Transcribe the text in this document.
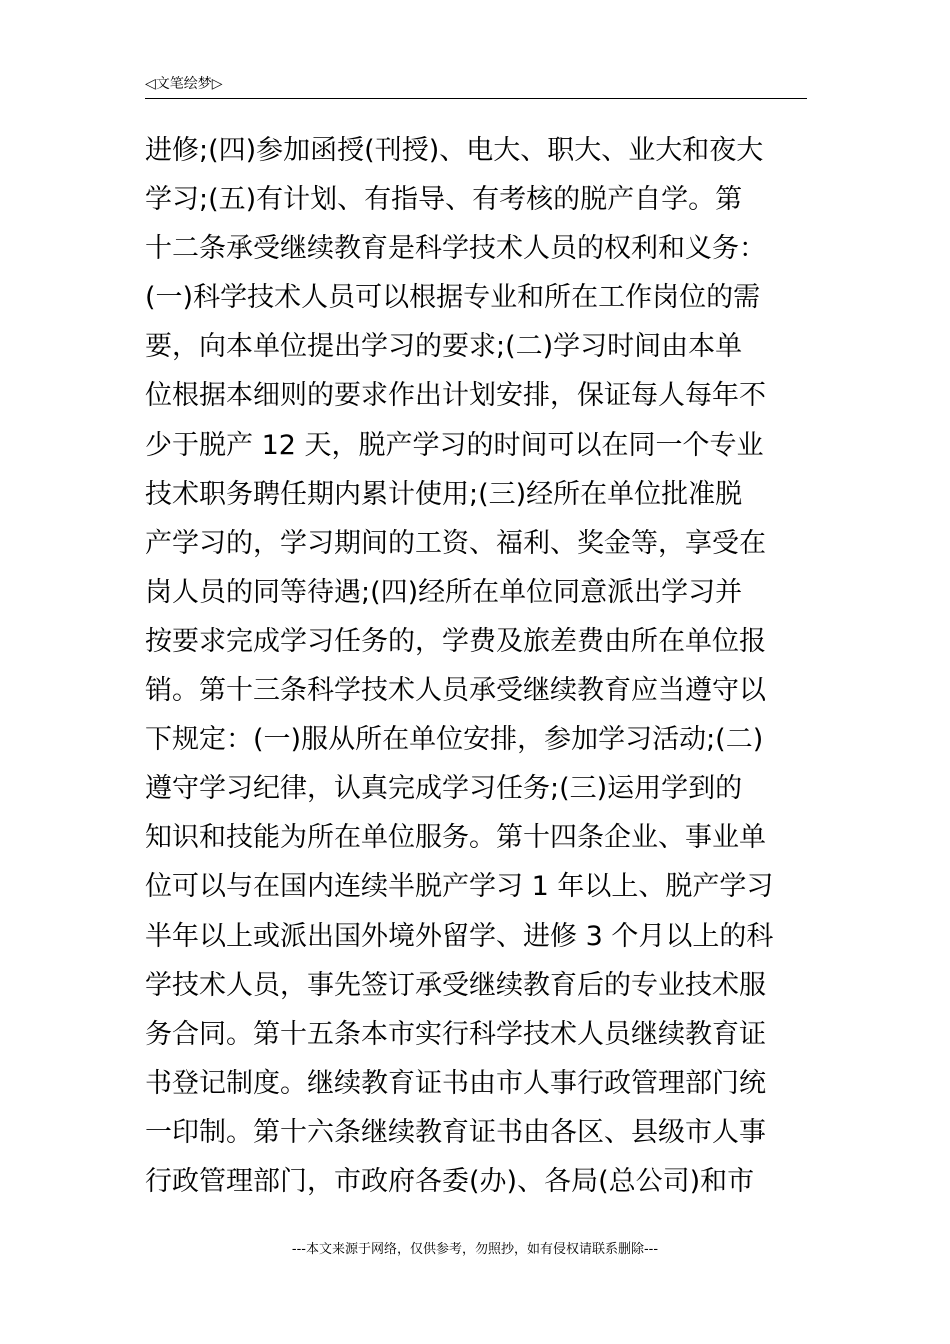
◁文笔绘梦▷
进修;(四)参加函授(刊授)、电大、职大、业大和夜大
学习;(五)有计划、有指导、有考核的脱产自学。第
十二条承受继续教育是科学技术人员的权利和义务：
(一)科学技术人员可以根据专业和所在工作岗位的需
要，向本单位提出学习的要求;(二)学习时间由本单
位根据本细则的要求作出计划安排，保证每人每年不
少于脱产 12 天，脱产学习的时间可以在同一个专业
技术职务聘任期内累计使用;(三)经所在单位批准脱
产学习的，学习期间的工资、福利、奖金等，享受在
岗人员的同等待遇;(四)经所在单位同意派出学习并
按要求完成学习任务的，学费及旅差费由所在单位报
销。第十三条科学技术人员承受继续教育应当遵守以
下规定：(一)服从所在单位安排，参加学习活动;(二)
遵守学习纪律，认真完成学习任务;(三)运用学到的
知识和技能为所在单位服务。第十四条企业、事业单
位可以与在国内连续半脱产学习 1 年以上、脱产学习
半年以上或派出国外境外留学、进修 3 个月以上的科
学技术人员，事先签订承受继续教育后的专业技术服
务合同。第十五条本市实行科学技术人员继续教育证
书登记制度。继续教育证书由市人事行政管理部门统
一印制。第十六条继续教育证书由各区、县级市人事
行政管理部门，市政府各委(办)、各局(总公司)和市
---本文来源于网络，仅供参考，勿照抄，如有侵权请联系删除---
